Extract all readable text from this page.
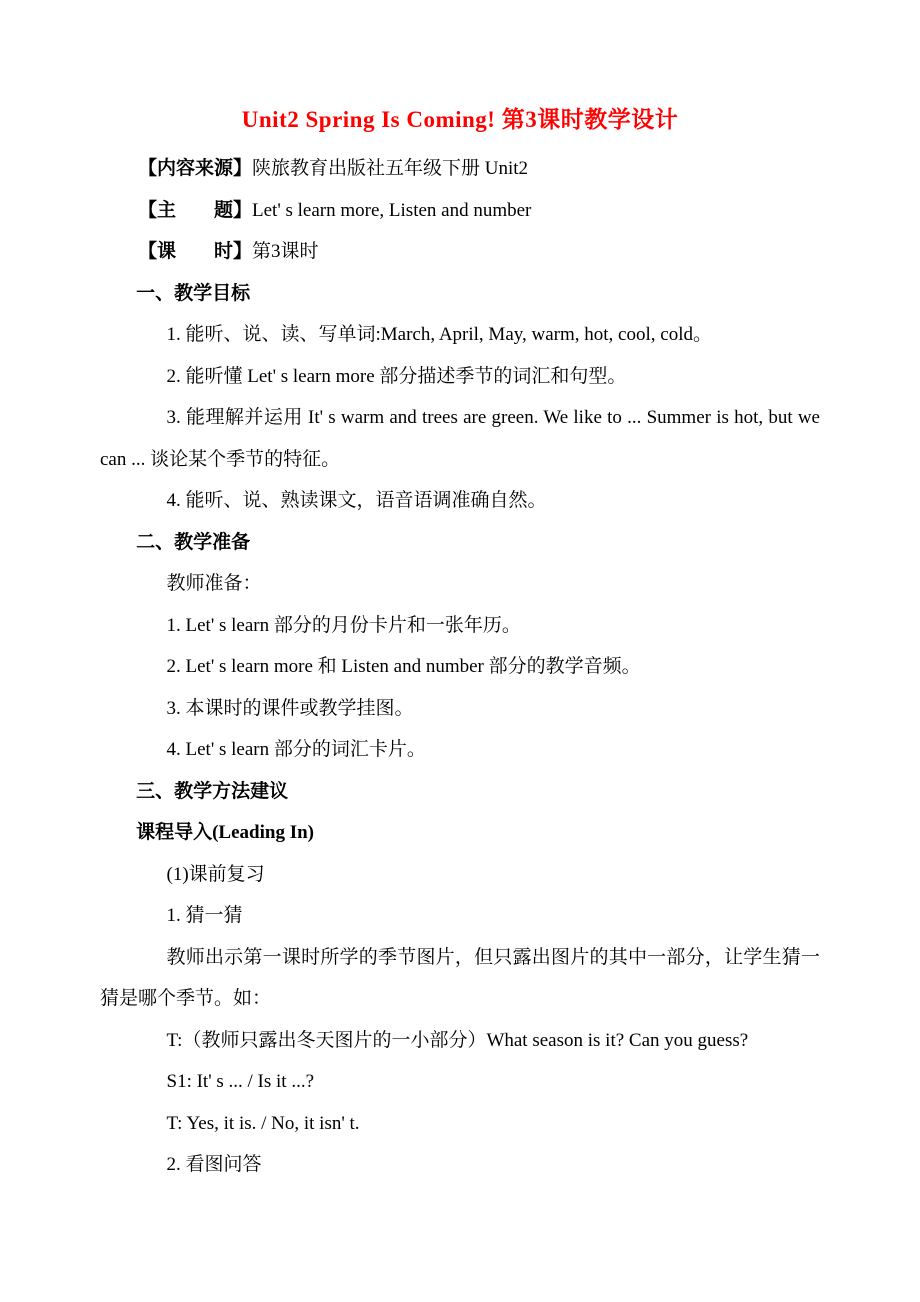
Unit2 Spring Is Coming! 第3课时教学设计

【内容来源】陕旅教育出版社五年级下册 Unit2

【主　　题】Let' s learn more, Listen and number

【课　　时】第3课时

一、教学目标

1. 能听、说、读、写单词:March, April, May, warm, hot, cool, cold。

2. 能听懂 Let' s learn more 部分描述季节的词汇和句型。

3. 能理解并运用 It' s warm and trees are green. We like to ... Summer is hot, but we can ... 谈论某个季节的特征。

4. 能听、说、熟读课文，语音语调准确自然。

二、教学准备

教师准备：

1. Let' s learn 部分的月份卡片和一张年历。

2. Let' s learn more 和 Listen and number 部分的教学音频。

3. 本课时的课件或教学挂图。

4. Let' s learn 部分的词汇卡片。

三、教学方法建议

课程导入(Leading In)

(1)课前复习

1. 猜一猜

教师出示第一课时所学的季节图片，但只露出图片的其中一部分，让学生猜一猜是哪个季节。如：

T:（教师只露出冬天图片的一小部分）What season is it? Can you guess?

S1: It' s ... / Is it ...?

T: Yes, it is. / No, it isn' t.

2. 看图问答
